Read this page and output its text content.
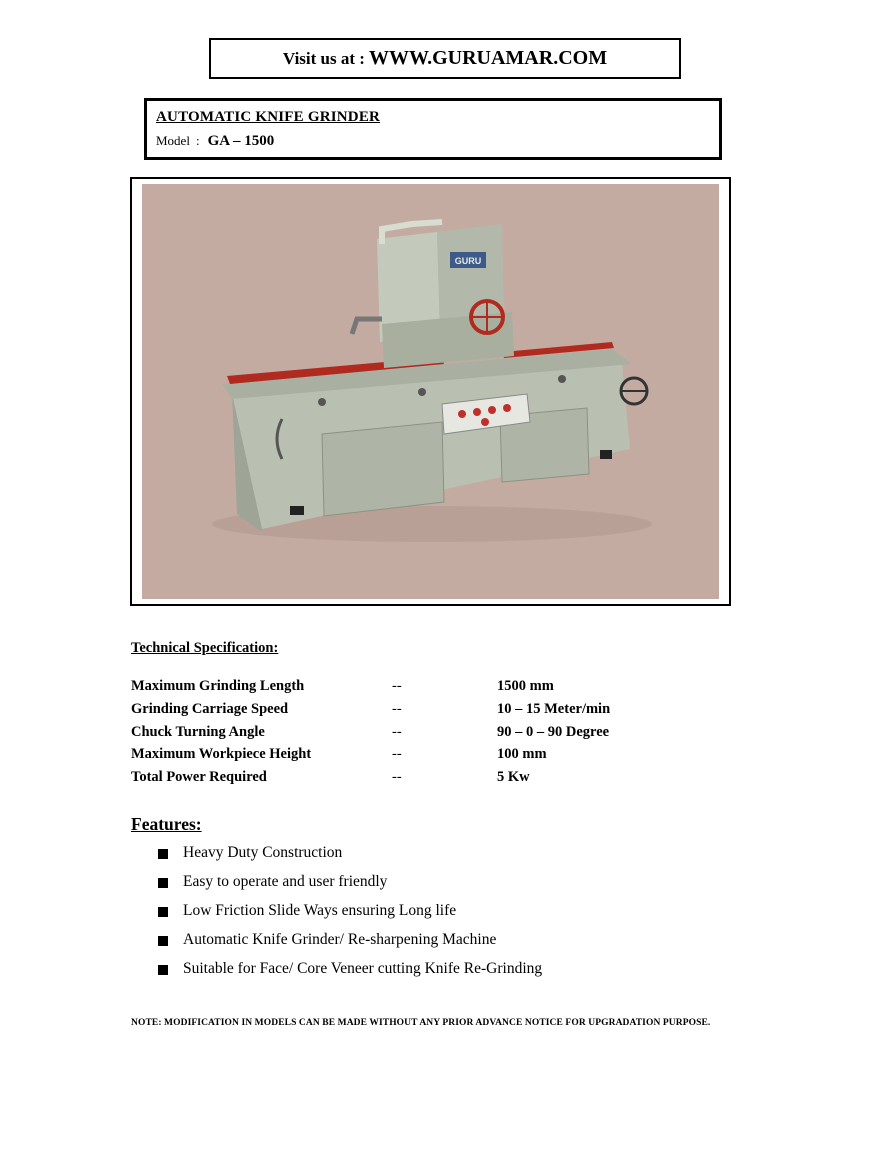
Visit us at : WWW.GURUAMAR.COM
AUTOMATIC KNIFE GRINDER
Model : GA – 1500
GURU
Technical Specification:
Maximum Grinding Length	--	1500 mm
Grinding Carriage Speed	--	10 – 15 Meter/min
Chuck Turning Angle	--	90 – 0 – 90 Degree
Maximum Workpiece Height	--	100 mm
Total Power Required	--	5 Kw
Features:
Heavy Duty Construction
Easy to operate and user friendly
Low Friction Slide Ways ensuring Long life
Automatic Knife Grinder/ Re-sharpening Machine
Suitable for Face/ Core Veneer cutting Knife Re-Grinding
NOTE: MODIFICATION IN MODELS CAN BE MADE WITHOUT ANY PRIOR ADVANCE NOTICE FOR UPGRADATION PURPOSE.
